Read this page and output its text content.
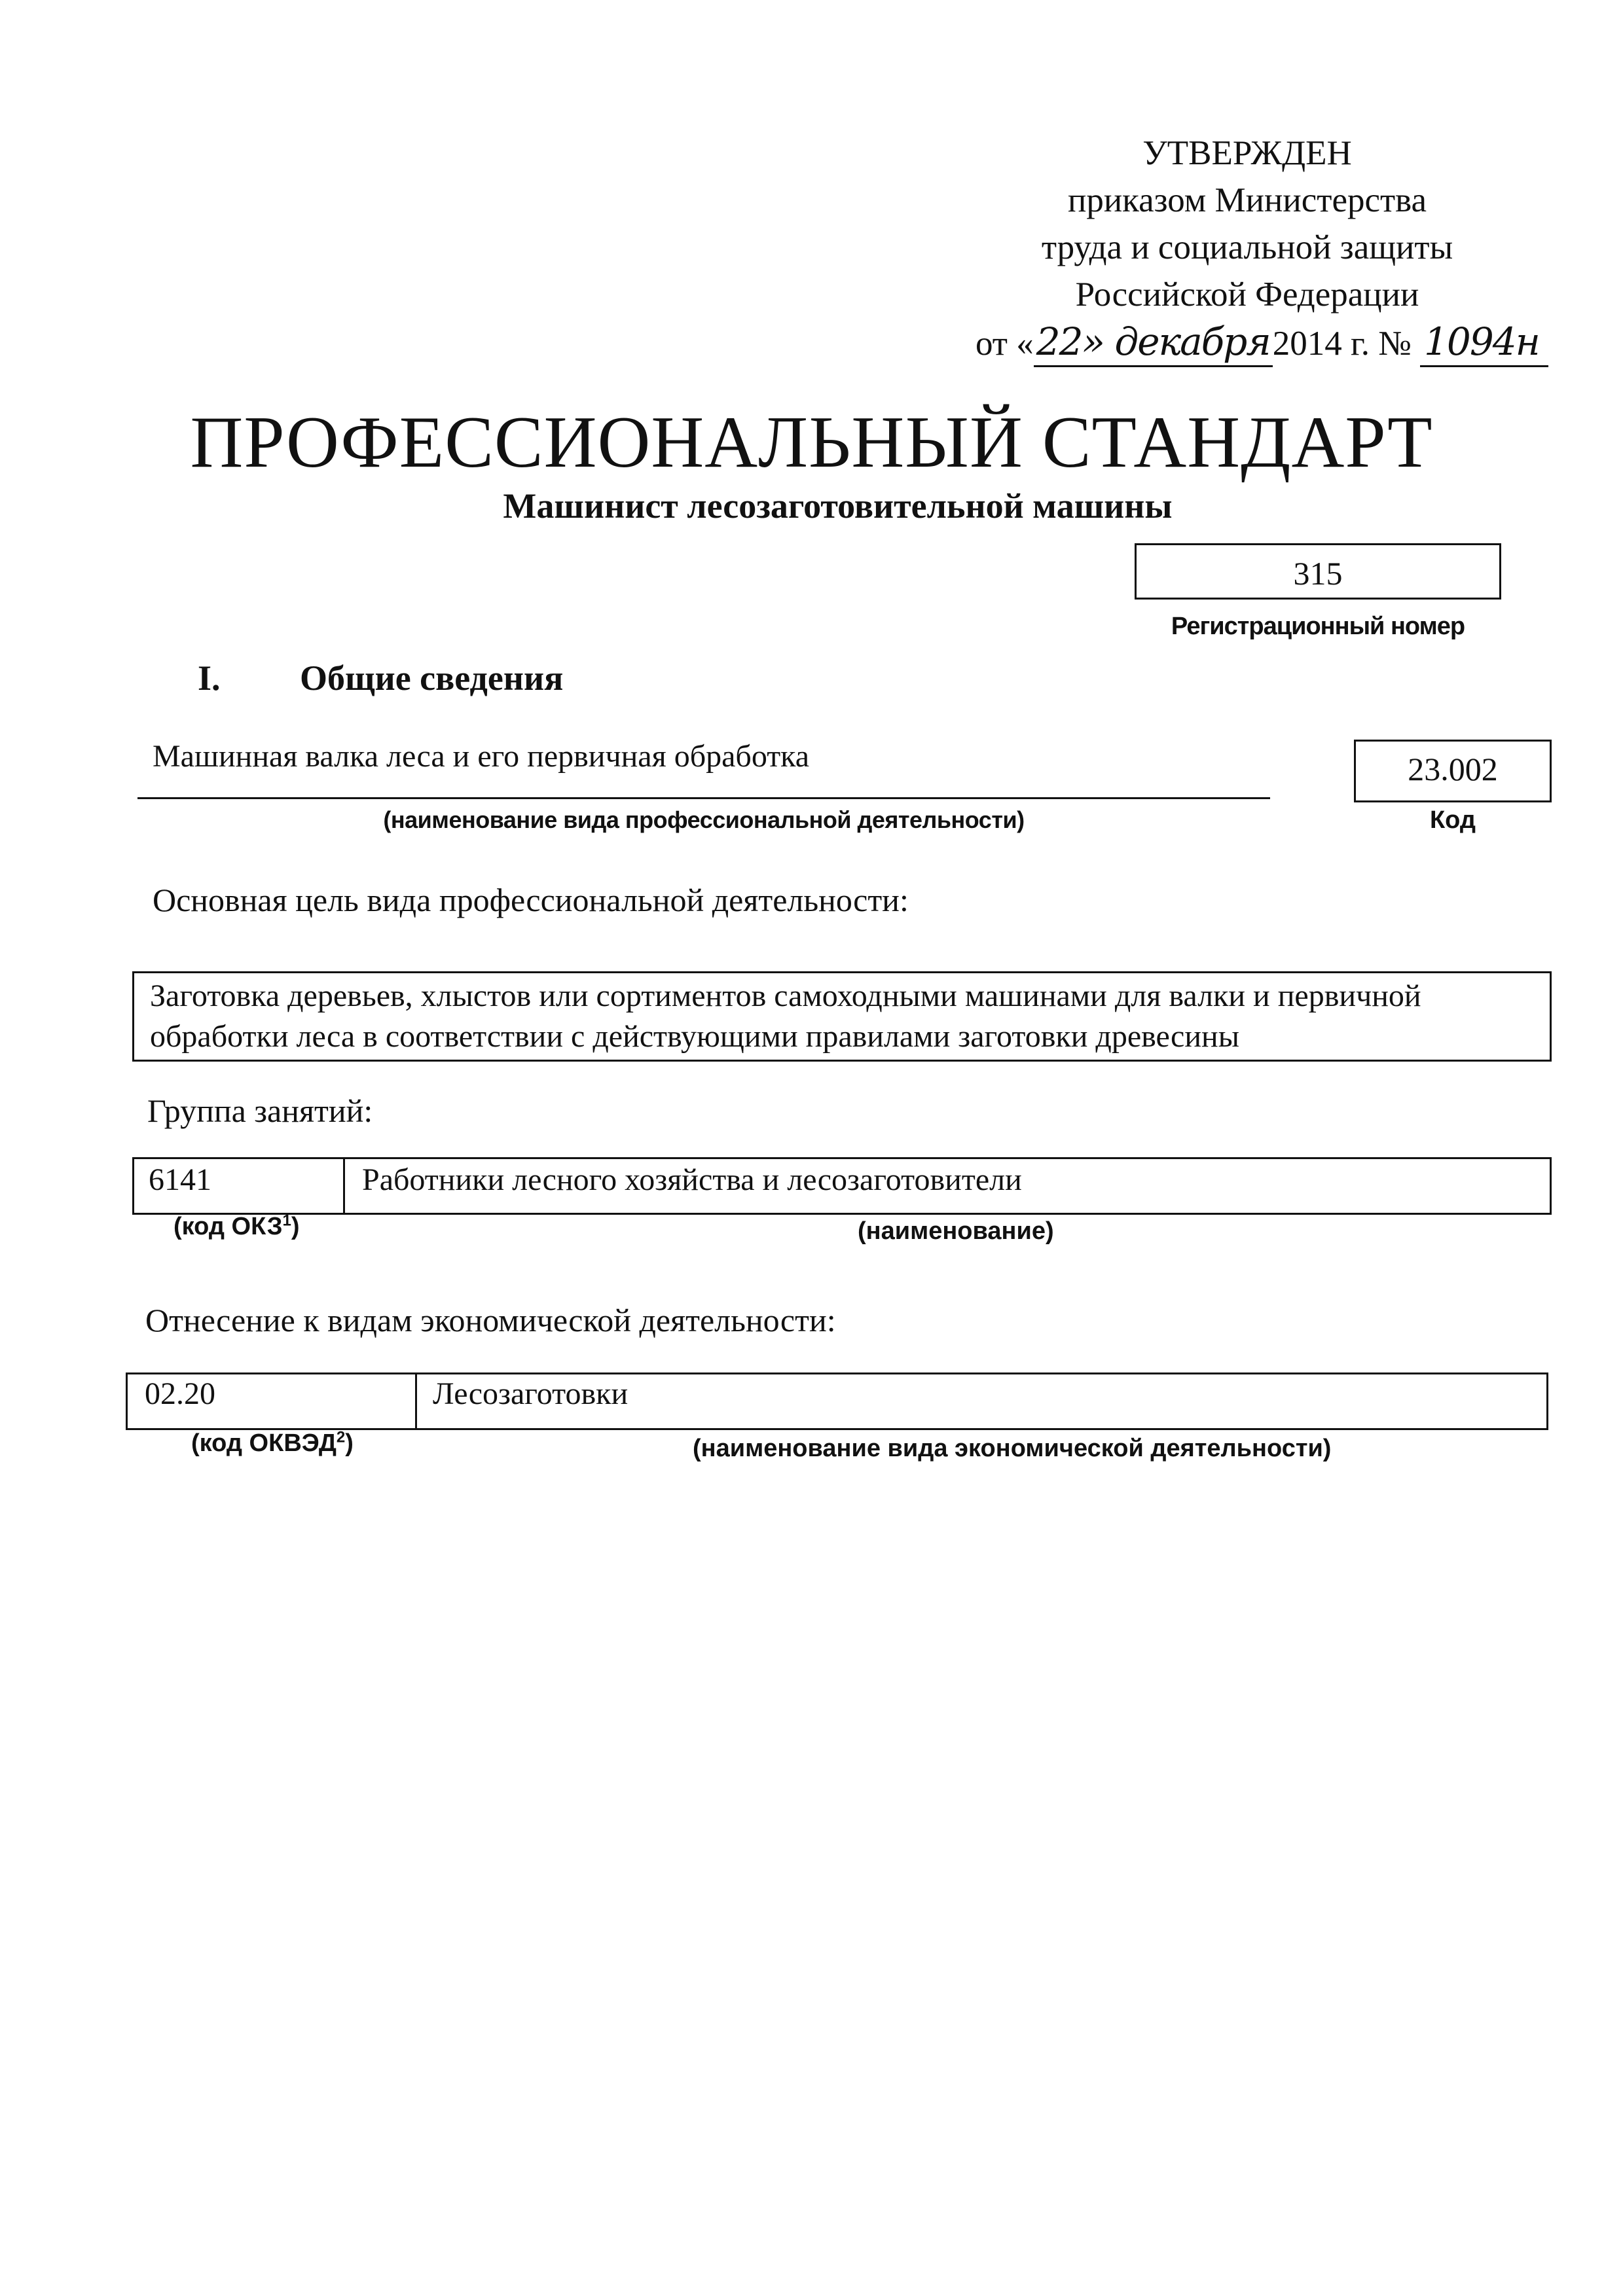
УТВЕРЖДЕН
приказом Министерства
труда и социальной защиты
Российской Федерации
от «22» декабря2014 г. № 1094н
ПРОФЕССИОНАЛЬНЫЙ СТАНДАРТ
Машинист лесозаготовительной машины
315
Регистрационный номер
I. Общие сведения
Машинная валка леса и его первичная обработка
(наименование вида профессиональной деятельности)
23.002
Код
Основная цель вида профессиональной деятельности:
Заготовка деревьев, хлыстов или сортиментов самоходными машинами для валки и первичной обработки леса в соответствии с действующими правилами заготовки древесины
Группа занятий:
6141	Работники лесного хозяйства и лесозаготовители
(код ОКЗ$^1$)	(наименование)
Отнесение к видам экономической деятельности:
02.20	Лесозаготовки
(код ОКВЭД$^2$)	(наименование вида экономической деятельности)
